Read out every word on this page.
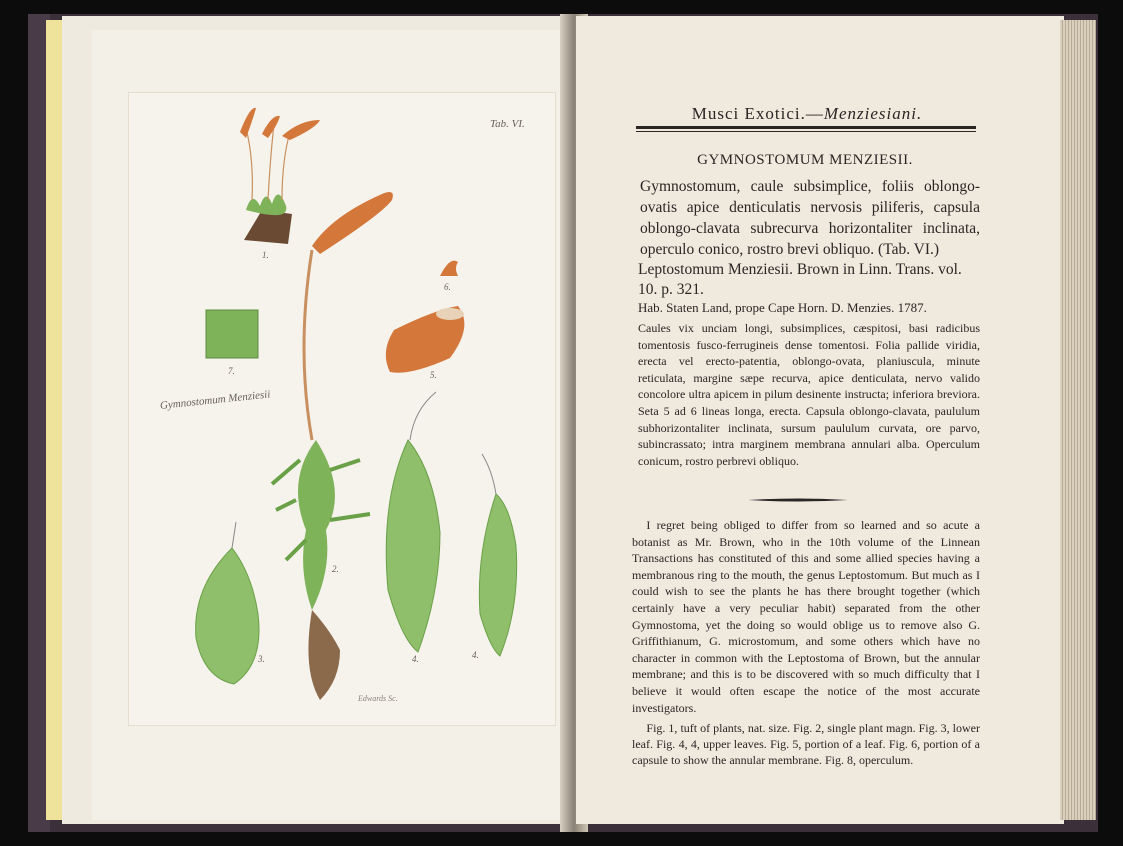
Tab. VI.
Gymnostomum Menziesii
Edwards Sc.
1.
2.
3.	4.	4.
5.
6.
7.
Musci Exotici.—Menziesiani.
GYMNOSTOMUM MENZIESII.
Gymnostomum, caule subsimplice, foliis oblongo-ovatis apice denticulatis nervosis piliferis, capsula oblongo-clavata subrecurva horizontaliter inclinata, operculo conico, rostro brevi obliquo. (Tab. VI.)
Leptostomum Menziesii. Brown in Linn. Trans. vol. 10. p. 321.
Hab. Staten Land, prope Cape Horn. D. Menzies. 1787.
Caules vix unciam longi, subsimplices, cæspitosi, basi radicibus tomentosis fusco-ferrugineis dense tomentosi. Folia pallide viridia, erecta vel erecto-patentia, oblongo-ovata, planiuscula, minute reticulata, margine sæpe recurva, apice denticulata, nervo valido concolore ultra apicem in pilum desinente instructa; inferiora breviora. Seta 5 ad 6 lineas longa, erecta. Capsula oblongo-clavata, paululum subhorizontaliter inclinata, sursum paululum curvata, ore parvo, subincrassato; intra marginem membrana annulari alba. Operculum conicum, rostro perbrevi obliquo.
I regret being obliged to differ from so learned and so acute a botanist as Mr. Brown, who in the 10th volume of the Linnean Transactions has constituted of this and some allied species having a membranous ring to the mouth, the genus Leptostomum. But much as I could wish to see the plants he has there brought together (which certainly have a very peculiar habit) separated from the other Gymnostoma, yet the doing so would oblige us to remove also G. Griffithianum, G. microstomum, and some others which have no character in common with the Leptostoma of Brown, but the annular membrane; and this is to be discovered with so much difficulty that I believe it would often escape the notice of the most accurate investigators.
Fig. 1, tuft of plants, nat. size. Fig. 2, single plant magn. Fig. 3, lower leaf. Fig. 4, 4, upper leaves. Fig. 5, portion of a leaf. Fig. 6, portion of a capsule to show the annular membrane. Fig. 8, operculum.
